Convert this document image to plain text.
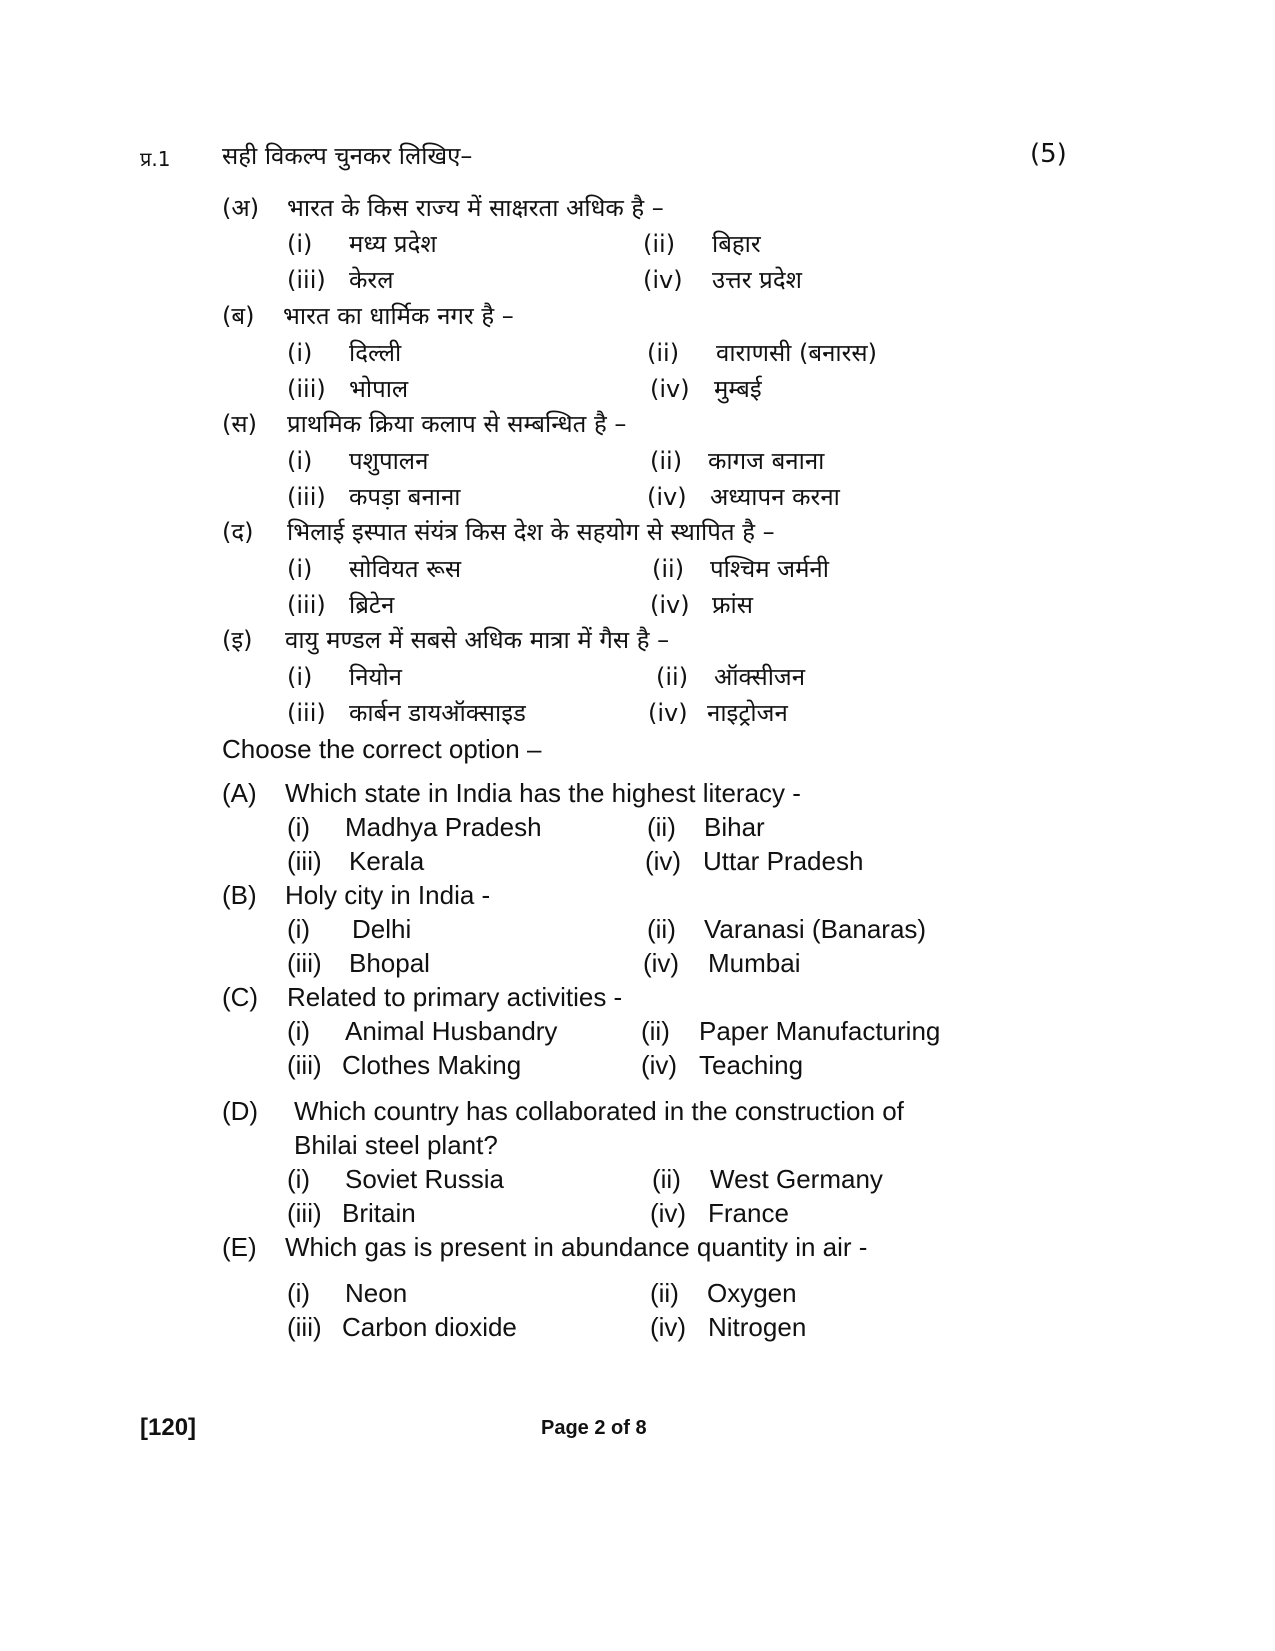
प्र.1 सही विकल्प चुनकर लिखिए–	(5)
(अ) भारत के किस राज्य में साक्षरता अधिक है –
(i) मध्य प्रदेश	(ii) बिहार
(iii) केरल	(iv) उत्तर प्रदेश
(ब) भारत का धार्मिक नगर है –
(i) दिल्ली	(ii) वाराणसी (बनारस)
(iii) भोपाल	(iv) मुम्बई
(स) प्राथमिक क्रिया कलाप से सम्बन्धित है –
(i) पशुपालन	(ii) कागज बनाना
(iii) कपड़ा बनाना	(iv) अध्यापन करना
(द) भिलाई इस्पात संयंत्र किस देश के सहयोग से स्थापित है –
(i) सोवियत रूस	(ii) पश्चिम जर्मनी
(iii) ब्रिटेन	(iv) फ्रांस
(इ) वायु मण्डल में सबसे अधिक मात्रा में गैस है –
(i) नियोन	(ii) ऑक्सीजन
(iii) कार्बन डायऑक्साइड	(iv) नाइट्रोजन
Choose the correct option –
(A) Which state in India has the highest literacy -
(i) Madhya Pradesh	(ii) Bihar
(iii) Kerala	(iv) Uttar Pradesh
(B) Holy city in India -
(i) Delhi	(ii) Varanasi (Banaras)
(iii) Bhopal	(iv) Mumbai
(C) Related to primary activities -
(i) Animal Husbandry	(ii) Paper Manufacturing
(iii) Clothes Making	(iv) Teaching
(D) Which country has collaborated in the construction of
Bhilai steel plant?
(i) Soviet Russia	(ii) West Germany
(iii) Britain	(iv) France
(E) Which gas is present in abundance quantity in air -
(i) Neon	(ii) Oxygen
(iii) Carbon dioxide	(iv) Nitrogen
[120]	Page 2 of 8
